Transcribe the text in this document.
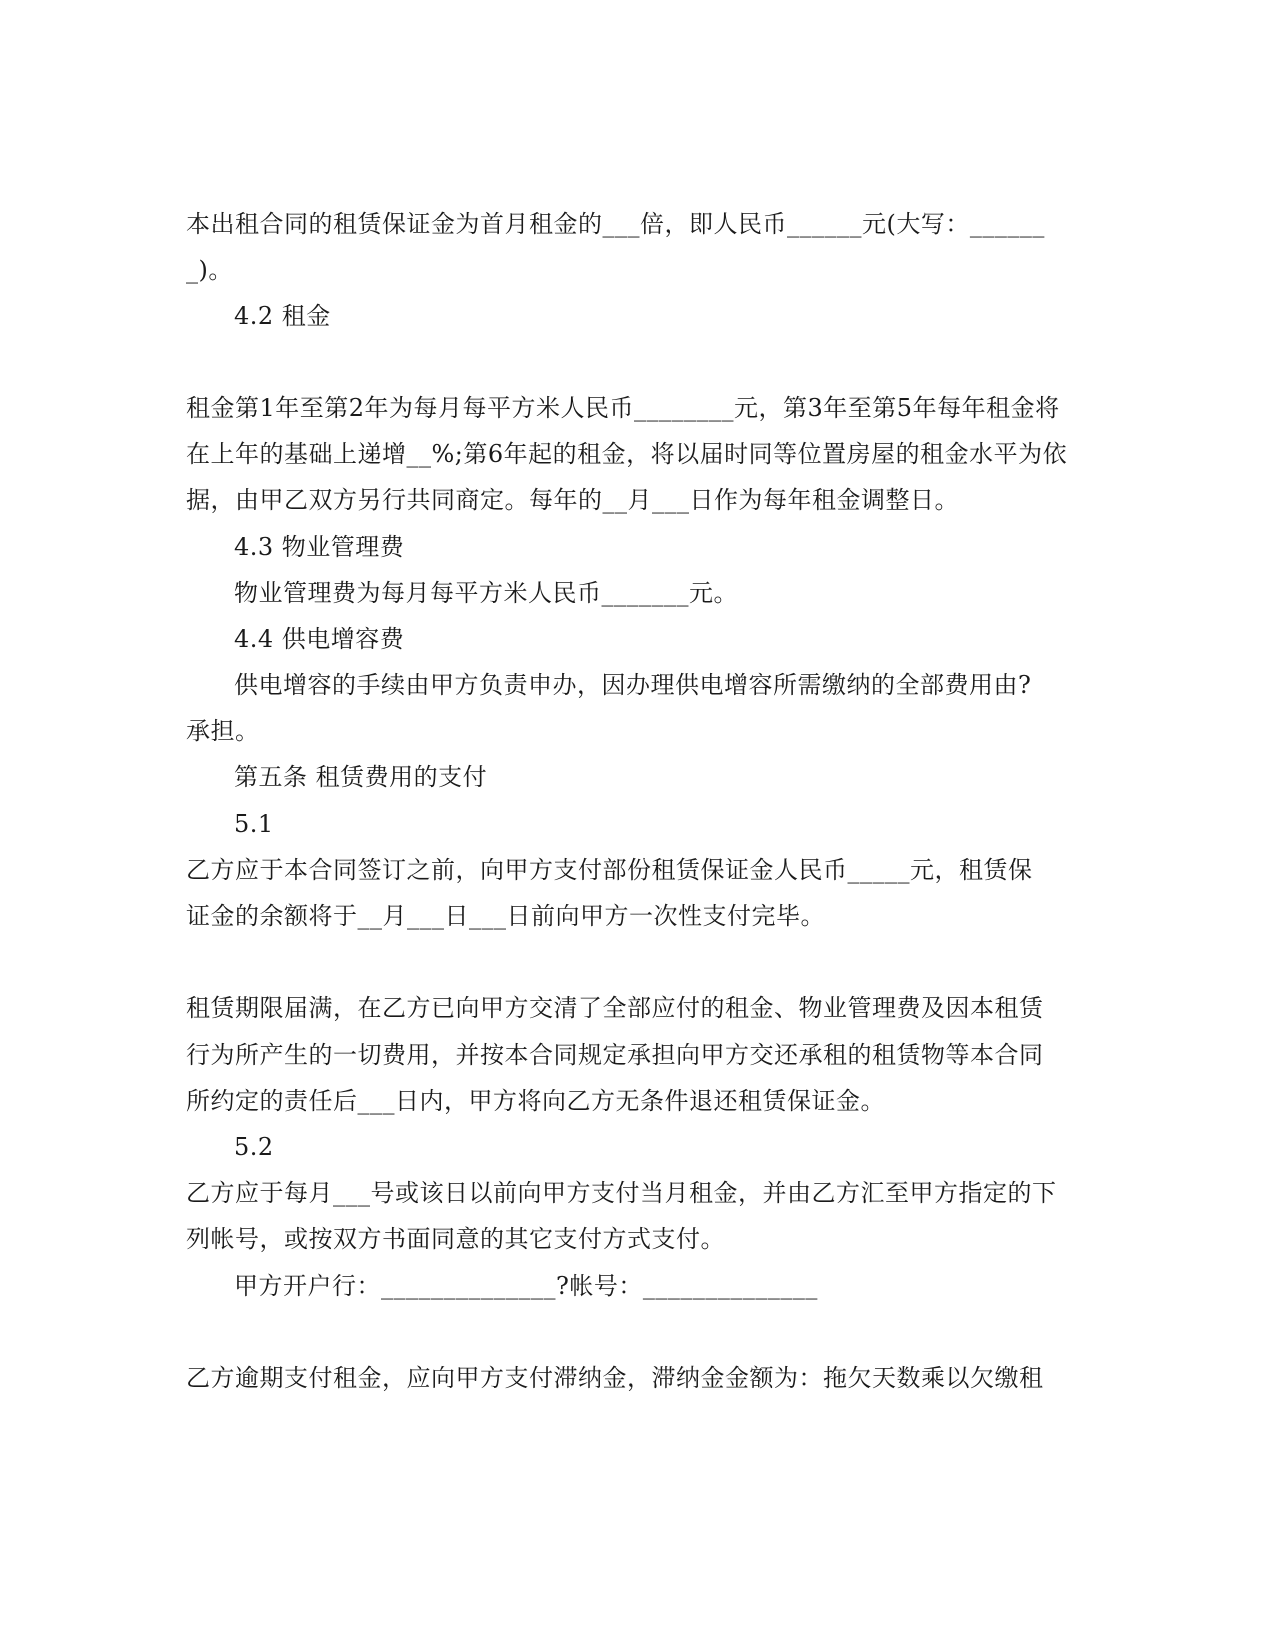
本出租合同的租赁保证金为首月租金的___倍，即人民币______元(大写：______
_)。
4.2 租金
租金第1年至第2年为每月每平方米人民币________元，第3年至第5年每年租金将
在上年的基础上递增__%;第6年起的租金，将以届时同等位置房屋的租金水平为依
据，由甲乙双方另行共同商定。每年的__月___日作为每年租金调整日。
4.3 物业管理费
物业管理费为每月每平方米人民币_______元。
4.4 供电增容费
供电增容的手续由甲方负责申办，因办理供电增容所需缴纳的全部费用由?
承担。
第五条 租赁费用的支付
5.1
乙方应于本合同签订之前，向甲方支付部份租赁保证金人民币_____元，租赁保
证金的余额将于__月___日___日前向甲方一次性支付完毕。
租赁期限届满，在乙方已向甲方交清了全部应付的租金、物业管理费及因本租赁
行为所产生的一切费用，并按本合同规定承担向甲方交还承租的租赁物等本合同
所约定的责任后___日内，甲方将向乙方无条件退还租赁保证金。
5.2
乙方应于每月___号或该日以前向甲方支付当月租金，并由乙方汇至甲方指定的下
列帐号，或按双方书面同意的其它支付方式支付。
甲方开户行：______________?帐号：______________
乙方逾期支付租金，应向甲方支付滞纳金，滞纳金金额为：拖欠天数乘以欠缴租
